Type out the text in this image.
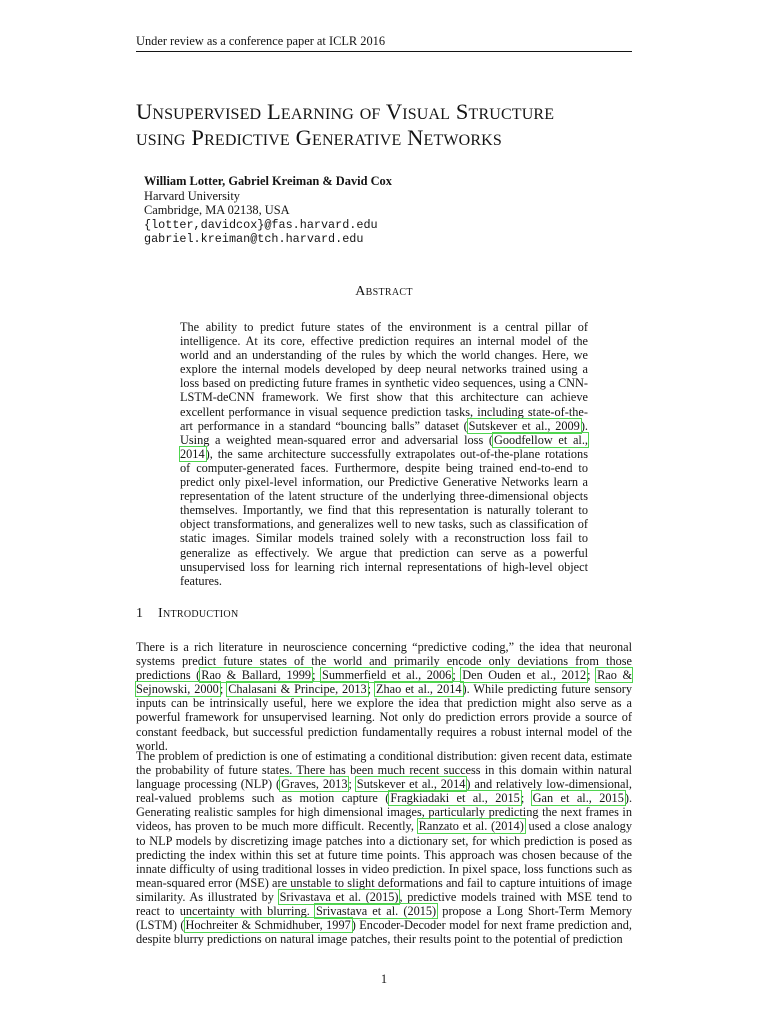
Under review as a conference paper at ICLR 2016
Unsupervised Learning of Visual Structure
using Predictive Generative Networks
William Lotter, Gabriel Kreiman & David Cox
Harvard University
Cambridge, MA 02138, USA
{lotter,davidcox}@fas.harvard.edu
gabriel.kreiman@tch.harvard.edu
Abstract

The ability to predict future states of the environment is a central pillar of intelligence. At its core, effective prediction requires an internal model of the world and an understanding of the rules by which the world changes. Here, we explore the internal models developed by deep neural networks trained using a loss based on predicting future frames in synthetic video sequences, using a CNN-LSTM-deCNN framework. We first show that this architecture can achieve excellent performance in visual sequence prediction tasks, including state-of-the-art performance in a standard “bouncing balls” dataset (Sutskever et al., 2009). Using a weighted mean-squared error and adversarial loss (Goodfellow et al., 2014), the same architecture successfully extrapolates out-of-the-plane rotations of computer-generated faces. Furthermore, despite being trained end-to-end to predict only pixel-level information, our Predictive Generative Networks learn a representation of the latent structure of the underlying three-dimensional objects themselves. Importantly, we find that this representation is naturally tolerant to object transformations, and generalizes well to new tasks, such as classification of static images. Similar models trained solely with a reconstruction loss fail to generalize as effectively. We argue that prediction can serve as a powerful unsupervised loss for learning rich internal representations of high-level object features.

1 Introduction

There is a rich literature in neuroscience concerning “predictive coding,” the idea that neuronal systems predict future states of the world and primarily encode only deviations from those predictions (Rao & Ballard, 1999; Summerfield et al., 2006; Den Ouden et al., 2012; Rao & Sejnowski, 2000; Chalasani & Principe, 2013; Zhao et al., 2014). While predicting future sensory inputs can be intrinsically useful, here we explore the idea that prediction might also serve as a powerful framework for unsupervised learning. Not only do prediction errors provide a source of constant feedback, but successful prediction fundamentally requires a robust internal model of the world.

The problem of prediction is one of estimating a conditional distribution: given recent data, estimate the probability of future states. There has been much recent success in this domain within natural language processing (NLP) (Graves, 2013; Sutskever et al., 2014) and relatively low-dimensional, real-valued problems such as motion capture (Fragkiadaki et al., 2015; Gan et al., 2015). Generating realistic samples for high dimensional images, particularly predicting the next frames in videos, has proven to be much more difficult. Recently, Ranzato et al. (2014) used a close analogy to NLP models by discretizing image patches into a dictionary set, for which prediction is posed as predicting the index within this set at future time points. This approach was chosen because of the innate difficulty of using traditional losses in video prediction. In pixel space, loss functions such as mean-squared error (MSE) are unstable to slight deformations and fail to capture intuitions of image similarity. As illustrated by Srivastava et al. (2015), predictive models trained with MSE tend to react to uncertainty with blurring. Srivastava et al. (2015) propose a Long Short-Term Memory (LSTM) (Hochreiter & Schmidhuber, 1997) Encoder-Decoder model for next frame prediction and, despite blurry predictions on natural image patches, their results point to the potential of prediction

1
